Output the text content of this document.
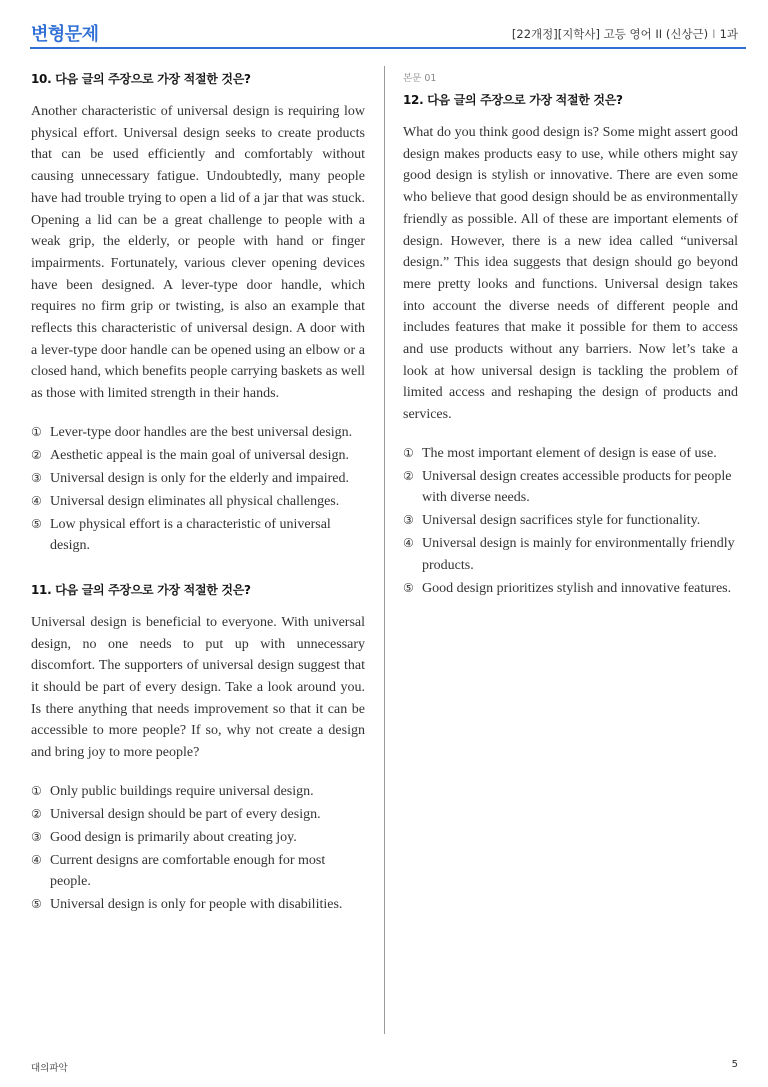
변형문제	[22개정][지학사] 고등 영어 II (신상근) I 1과
10. 다음 글의 주장으로 가장 적절한 것은?

Another characteristic of universal design is requiring low physical effort. Universal design seeks to create products that can be used efficiently and comfortably without causing unnecessary fatigue. Undoubtedly, many people have had trouble trying to open a lid of a jar that was stuck. Opening a lid can be a great challenge to people with a weak grip, the elderly, or people with hand or finger impairments. Fortunately, various clever opening devices have been designed. A lever-type door handle, which requires no firm grip or twisting, is also an example that reflects this characteristic of universal design. A door with a lever-type door handle can be opened using an elbow or a closed hand, which benefits people carrying baskets as well as those with limited strength in their hands.

① Lever-type door handles are the best universal design.
② Aesthetic appeal is the main goal of universal design.
③ Universal design is only for the elderly and impaired.
④ Universal design eliminates all physical challenges.
⑤ Low physical effort is a characteristic of universal design.
11. 다음 글의 주장으로 가장 적절한 것은?

Universal design is beneficial to everyone. With universal design, no one needs to put up with unnecessary discomfort. The supporters of universal design suggest that it should be part of every design. Take a look around you. Is there anything that needs improvement so that it can be accessible to more people? If so, why not create a design and bring joy to more people?

① Only public buildings require universal design.
② Universal design should be part of every design.
③ Good design is primarily about creating joy.
④ Current designs are comfortable enough for most people.
⑤ Universal design is only for people with disabilities.
본문 01
12. 다음 글의 주장으로 가장 적절한 것은?

What do you think good design is? Some might assert good design makes products easy to use, while others might say good design is stylish or innovative. There are even some who believe that good design should be as environmentally friendly as possible. All of these are important elements of design. However, there is a new idea called “universal design.” This idea suggests that design should go beyond mere pretty looks and functions. Universal design takes into account the diverse needs of different people and includes features that make it possible for them to access and use products without any barriers. Now let’s take a look at how universal design is tackling the problem of limited access and reshaping the design of products and services.

① The most important element of design is ease of use.
② Universal design creates accessible products for people with diverse needs.
③ Universal design sacrifices style for functionality.
④ Universal design is mainly for environmentally friendly products.
⑤ Good design prioritizes stylish and innovative features.
대의파악	5
